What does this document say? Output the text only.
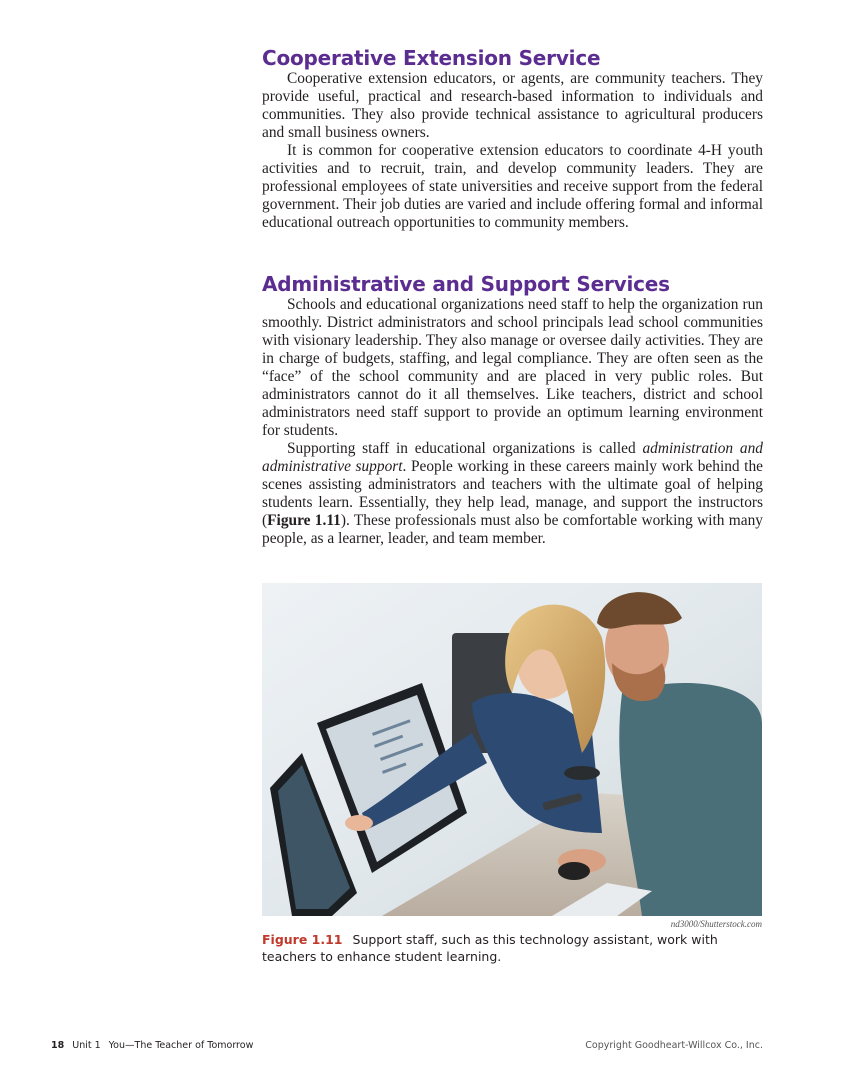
Cooperative Extension Service

Cooperative extension educators, or agents, are community teachers. They provide useful, practical and research-based information to individuals and communities. They also provide technical assistance to agricultural producers and small business owners.

It is common for cooperative extension educators to coordinate 4-H youth activities and to recruit, train, and develop community leaders. They are professional employees of state universities and receive support from the federal government. Their job duties are varied and include offering formal and informal educational outreach opportunities to community members.

Administrative and Support Services

Schools and educational organizations need staff to help the organization run smoothly. District administrators and school principals lead school communities with visionary leadership. They also manage or oversee daily activities. They are in charge of budgets, staffing, and legal compliance. They are often seen as the “face” of the school community and are placed in very public roles. But administrators cannot do it all themselves. Like teachers, district and school administrators need staff support to provide an optimum learning environment for students.

Supporting staff in educational organizations is called administration and administrative support. People working in these careers mainly work behind the scenes assisting administrators and teachers with the ultimate goal of helping students learn. Essentially, they help lead, manage, and support the instructors (Figure 1.11). These professionals must also be comfortable working with many people, as a learner, leader, and team member.

nd3000/Shutterstock.com
Figure 1.11 Support staff, such as this technology assistant, work with teachers to enhance student learning.
18 Unit 1 You—The Teacher of Tomorrow	Copyright Goodheart-Willcox Co., Inc.
